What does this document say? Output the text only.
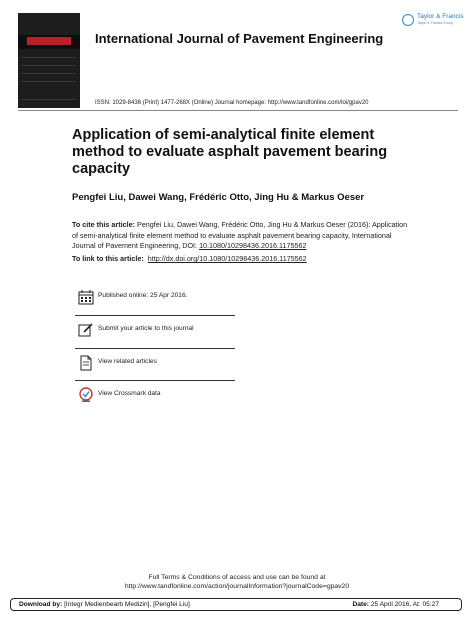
International Journal of Pavement Engineering
Taylor & Francis
Taylor & Francis Group
ISSN: 1029-8436 (Print) 1477-268X (Online) Journal homepage: http://www.tandfonline.com/loi/gpav20
Application of semi-analytical finite element method to evaluate asphalt pavement bearing capacity
Pengfei Liu, Dawei Wang, Frédéric Otto, Jing Hu & Markus Oeser
To cite this article: Pengfei Liu, Dawei Wang, Frédéric Otto, Jing Hu & Markus Oeser (2016): Application of semi-analytical finite element method to evaluate asphalt pavement bearing capacity, International Journal of Pavement Engineering, DOI: 10.1080/10298436.2016.1175562
To link to this article: http://dx.doi.org/10.1080/10298436.2016.1175562
Published online: 25 Apr 2016.
Submit your article to this journal
View related articles
View Crossmark data
Full Terms & Conditions of access and use can be found at
http://www.tandfonline.com/action/journalInformation?journalCode=gpav20
Download by: [Integr Medienbearb Medizin], [Pengfei Liu]	Date: 25 April 2016, At: 05:27
